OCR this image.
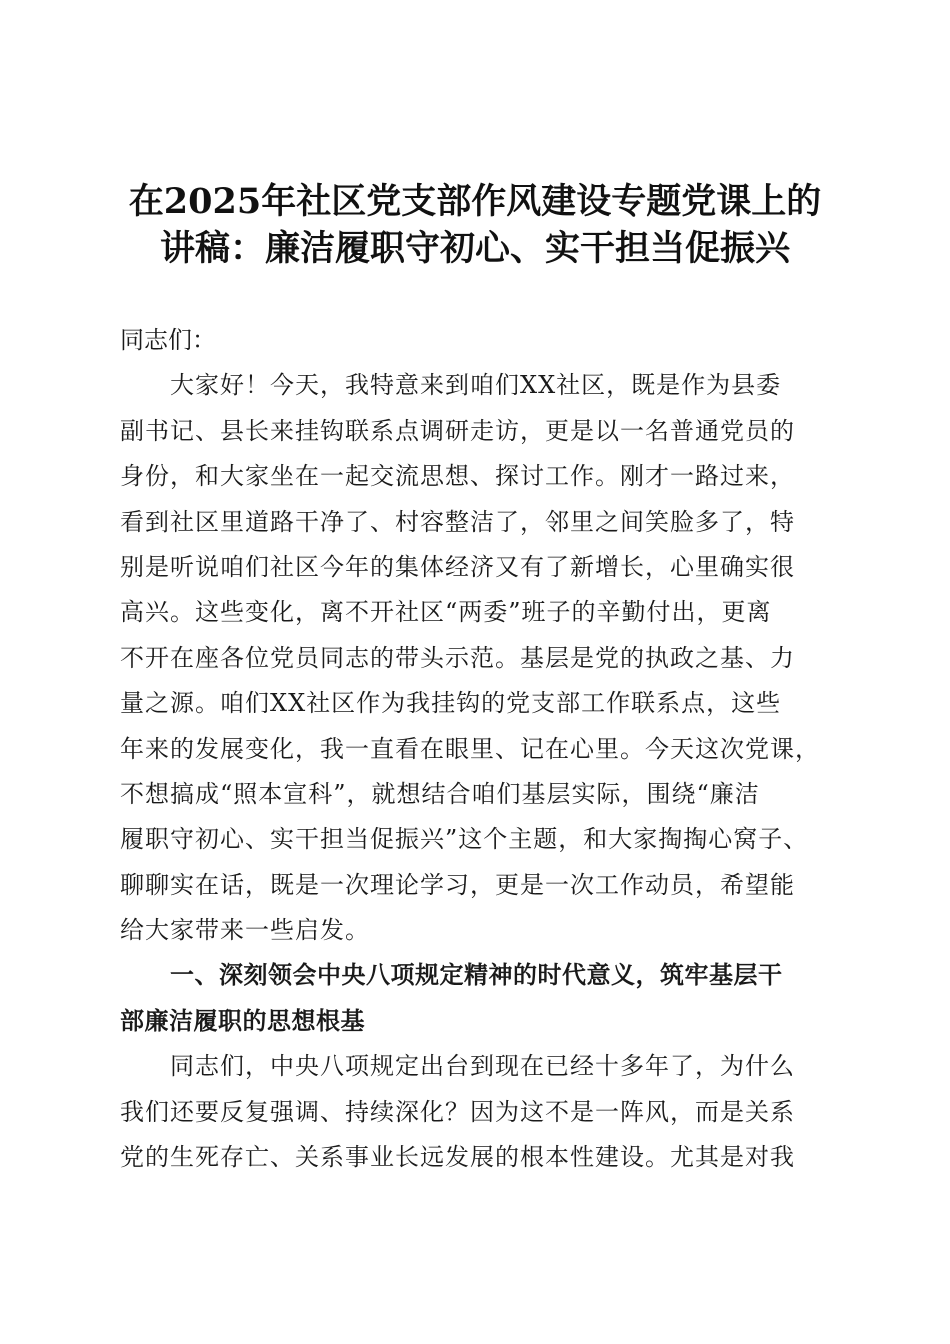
在2025年社区党支部作风建设专题党课上的
讲稿：廉洁履职守初心、实干担当促振兴
同志们：
大家好！今天，我特意来到咱们XX社区，既是作为县委
副书记、县长来挂钩联系点调研走访，更是以一名普通党员的
身份，和大家坐在一起交流思想、探讨工作。刚才一路过来，
看到社区里道路干净了、村容整洁了，邻里之间笑脸多了，特
别是听说咱们社区今年的集体经济又有了新增长，心里确实很
高兴。这些变化，离不开社区“两委”班子的辛勤付出，更离
不开在座各位党员同志的带头示范。基层是党的执政之基、力
量之源。咱们XX社区作为我挂钩的党支部工作联系点，这些
年来的发展变化，我一直看在眼里、记在心里。今天这次党课，
不想搞成“照本宣科”，就想结合咱们基层实际，围绕“廉洁
履职守初心、实干担当促振兴”这个主题，和大家掏掏心窝子、
聊聊实在话，既是一次理论学习，更是一次工作动员，希望能
给大家带来一些启发。
一、深刻领会中央八项规定精神的时代意义，筑牢基层干
部廉洁履职的思想根基
同志们，中央八项规定出台到现在已经十多年了，为什么
我们还要反复强调、持续深化？因为这不是一阵风，而是关系
党的生死存亡、关系事业长远发展的根本性建设。尤其是对我
